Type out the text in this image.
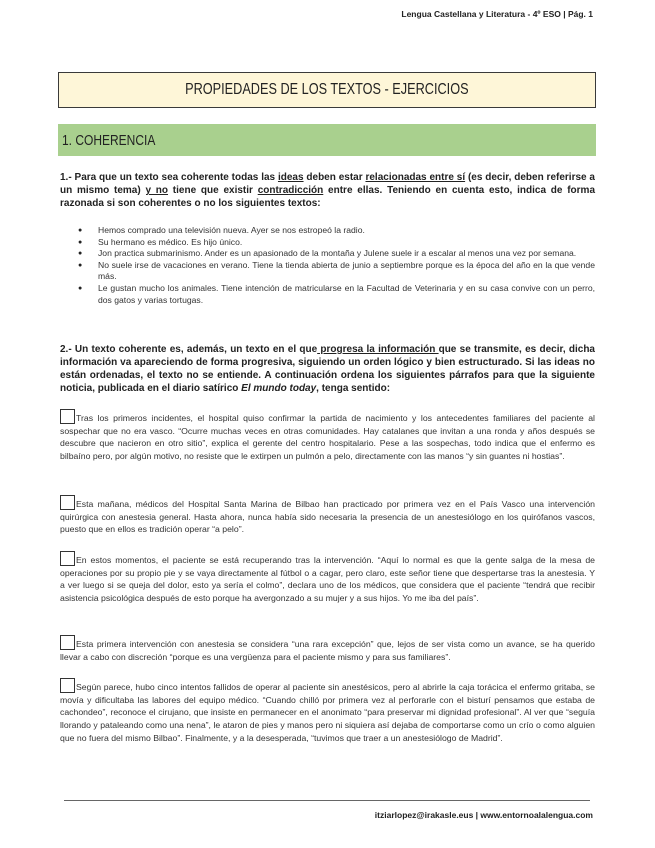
Lengua Castellana y Literatura - 4º ESO | Pág. 1
PROPIEDADES DE LOS TEXTOS - EJERCICIOS
1. COHERENCIA

1.- Para que un texto sea coherente todas las ideas deben estar relacionadas entre sí (es decir, deben referirse a un mismo tema) y no tiene que existir contradicción entre ellas. Teniendo en cuenta esto, indica de forma razonada si son coherentes o no los siguientes textos:

● Hemos comprado una televisión nueva. Ayer se nos estropeó la radio.
● Su hermano es médico. Es hijo único.
● Jon practica submarinismo. Ander es un apasionado de la montaña y Julene suele ir a escalar al menos una vez por semana.
● No suele irse de vacaciones en verano. Tiene la tienda abierta de junio a septiembre porque es la época del año en la que vende más.
● Le gustan mucho los animales. Tiene intención de matricularse en la Facultad de Veterinaria y en su casa convive con un perro, dos gatos y varias tortugas.

2.- Un texto coherente es, además, un texto en el que progresa la información que se transmite, es decir, dicha información va apareciendo de forma progresiva, siguiendo un orden lógico y bien estructurado. Si las ideas no están ordenadas, el texto no se entiende. A continuación ordena los siguientes párrafos para que la siguiente noticia, publicada en el diario satírico El mundo today, tenga sentido:

Tras los primeros incidentes, el hospital quiso confirmar la partida de nacimiento y los antecedentes familiares del paciente al sospechar que no era vasco. “Ocurre muchas veces en otras comunidades. Hay catalanes que invitan a una ronda y años después se descubre que nacieron en otro sitio”, explica el gerente del centro hospitalario. Pese a las sospechas, todo indica que el enfermo es bilbaíno pero, por algún motivo, no resiste que le extirpen un pulmón a pelo, directamente con las manos “y sin guantes ni hostias”.

Esta mañana, médicos del Hospital Santa Marina de Bilbao han practicado por primera vez en el País Vasco una intervención quirúrgica con anestesia general. Hasta ahora, nunca había sido necesaria la presencia de un anestesiólogo en los quirófanos vascos, puesto que en ellos es tradición operar “a pelo”.

En estos momentos, el paciente se está recuperando tras la intervención. “Aquí lo normal es que la gente salga de la mesa de operaciones por su propio pie y se vaya directamente al fútbol o a cagar, pero claro, este señor tiene que despertarse tras la anestesia. Y a ver luego si se queja del dolor, esto ya sería el colmo”, declara uno de los médicos, que considera que el paciente “tendrá que recibir asistencia psicológica después de esto porque ha avergonzado a su mujer y a sus hijos. Yo me iba del país”.

Esta primera intervención con anestesia se considera “una rara excepción” que, lejos de ser vista como un avance, se ha querido llevar a cabo con discreción “porque es una vergüenza para el paciente mismo y para sus familiares”.

Según parece, hubo cinco intentos fallidos de operar al paciente sin anestésicos, pero al abrirle la caja torácica el enfermo gritaba, se movía y dificultaba las labores del equipo médico. “Cuando chilló por primera vez al perforarle con el bisturí pensamos que estaba de cachondeo”, reconoce el cirujano, que insiste en permanecer en el anonimato “para preservar mi dignidad profesional”. Al ver que “seguía llorando y pataleando como una nena”, le ataron de pies y manos pero ni siquiera así dejaba de comportarse como un crío o como alguien que no fuera del mismo Bilbao”. Finalmente, y a la desesperada, “tuvimos que traer a un anestesiólogo de Madrid”.

itziarlopez@irakasle.eus | www.entornoalalengua.com
